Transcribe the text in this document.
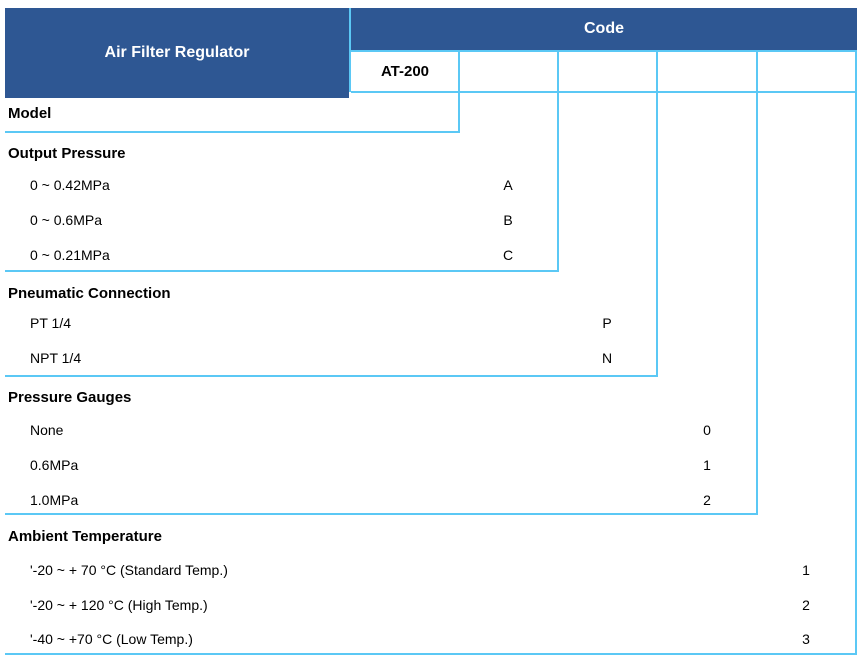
Air Filter Regulator
Code
AT-200
Model
Output Pressure
0 ~ 0.42MPa	A
0 ~ 0.6MPa	B
0 ~ 0.21MPa	C
Pneumatic Connection
PT 1/4	P
NPT 1/4	N
Pressure Gauges
None	0
0.6MPa	1
1.0MPa	2
Ambient Temperature
'-20 ~ + 70 °C (Standard Temp.)	1
'-20 ~ + 120 °C (High Temp.)	2
'-40 ~ +70 °C (Low Temp.)	3
